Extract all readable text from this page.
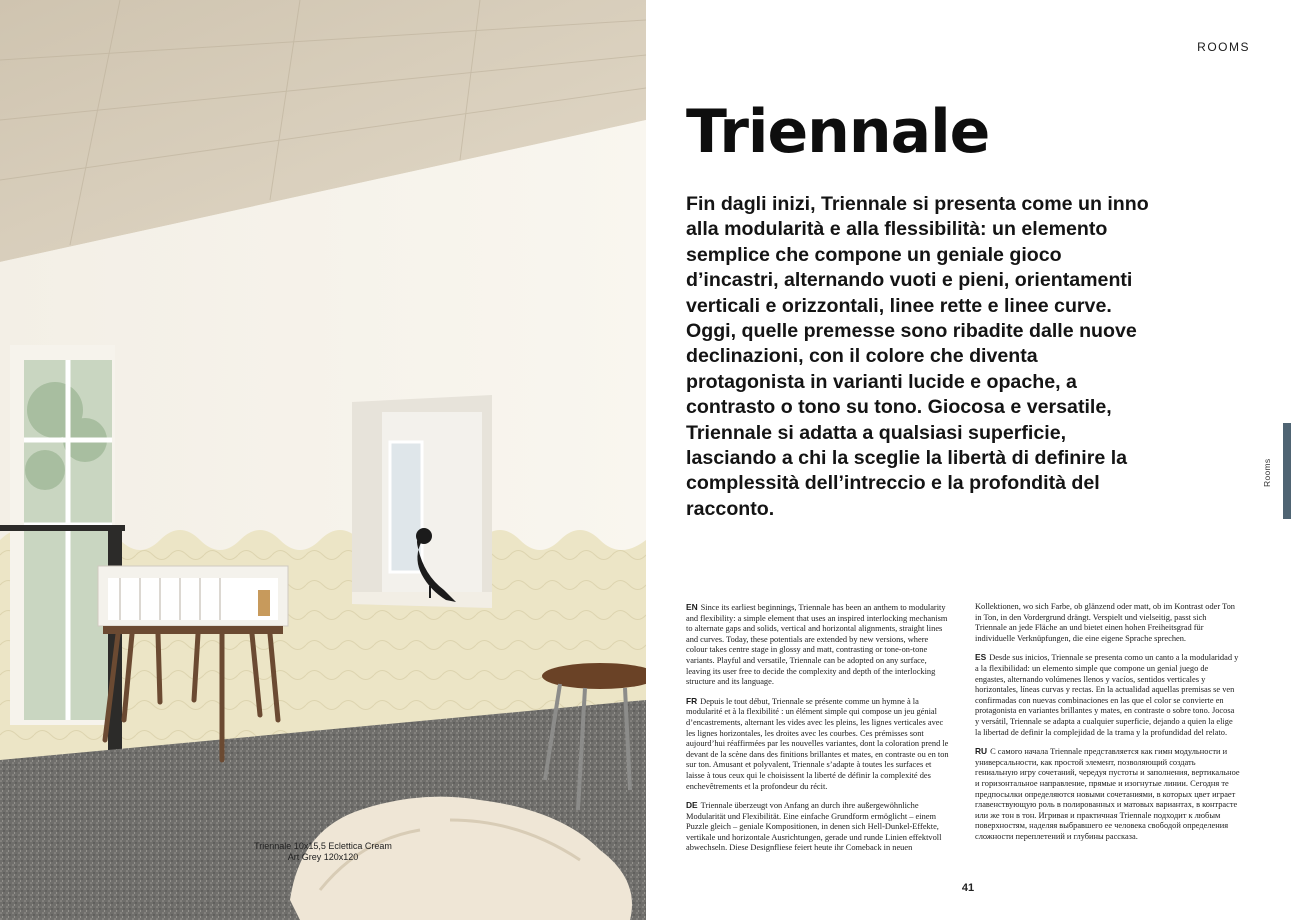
Triennale 10x15,5 Eclettica Cream
Art Grey 120x120
ROOMS
Triennale
Fin dagli inizi, Triennale si presenta come un inno alla modularità e alla flessibilità: un elemento semplice che compone un geniale gioco d’incastri, alternando vuoti e pieni, orientamenti verticali e orizzontali, linee rette e linee curve. Oggi, quelle premesse sono ribadite dalle nuove declinazioni, con il colore che diventa protagonista in varianti lucide e opache, a contrasto o tono su tono. Giocosa e versatile, Triennale si adatta a qualsiasi superficie, lasciando a chi la sceglie la libertà di definire la complessità dell’intreccio e la profondità del racconto.
Rooms

EN Since its earliest beginnings, Triennale has been an anthem to modularity and flexibility: a simple element that uses an inspired interlocking mechanism to alternate gaps and solids, vertical and horizontal alignments, straight lines and curves. Today, these potentials are extended by new versions, where colour takes centre stage in glossy and matt, contrasting or tone-on-tone variants. Playful and versatile, Triennale can be adopted on any surface, leaving its user free to decide the complexity and depth of the interlocking structure and its language.

FR Depuis le tout début, Triennale se présente comme un hymne à la modularité et à la flexibilité : un élément simple qui compose un jeu génial d’encastrements, alternant les vides avec les pleins, les lignes verticales avec les lignes horizontales, les droites avec les courbes. Ces prémisses sont aujourd’hui réaffirmées par les nouvelles variantes, dont la coloration prend le devant de la scène dans des finitions brillantes et mates, en contraste ou en ton sur ton. Amusant et polyvalent, Triennale s’adapte à toutes les surfaces et laisse à tous ceux qui le choisissent la liberté de définir la complexité des enchevêtrements et la profondeur du récit.

DE Triennale überzeugt von Anfang an durch ihre außergewöhnliche Modularität und Flexibilität. Eine einfache Grundform ermöglicht – einem Puzzle gleich – geniale Kompositionen, in denen sich Hell-Dunkel-Effekte, vertikale und horizontale Ausrichtungen, gerade und runde Linien effektvoll abwechseln. Diese Designfliese feiert heute ihr Comeback in neuen

Kollektionen, wo sich Farbe, ob glänzend oder matt, ob im Kontrast oder Ton in Ton, in den Vordergrund drängt. Verspielt und vielseitig, passt sich Triennale an jede Fläche an und bietet einen hohen Freiheitsgrad für individuelle Verknüpfungen, die eine eigene Sprache sprechen.

ES Desde sus inicios, Triennale se presenta como un canto a la modularidad y a la flexibilidad: un elemento simple que compone un genial juego de engastes, alternando volúmenes llenos y vacíos, sentidos verticales y horizontales, líneas curvas y rectas. En la actualidad aquellas premisas se ven confirmadas con nuevas combinaciones en las que el color se convierte en protagonista en variantes brillantes y mates, en contraste o sobre tono. Jocosa y versátil, Triennale se adapta a cualquier superficie, dejando a quien la elige la libertad de definir la complejidad de la trama y la profundidad del relato.

RU С самого начала Triennale представляется как гимн модульности и универсальности, как простой элемент, позволяющий создать гениальную игру сочетаний, чередуя пустоты и заполнения, вертикальное и горизонтальное направление, прямые и изогнутые линии. Сегодня те предпосылки определяются новыми сочетаниями, в которых цвет играет главенствующую роль в полированных и матовых вариантах, в контрасте или же тон в тон. Игривая и практичная Triennale подходит к любым поверхностям, наделяя выбравшего ее человека свободой определения сложности переплетений и глубины рассказа.

41
